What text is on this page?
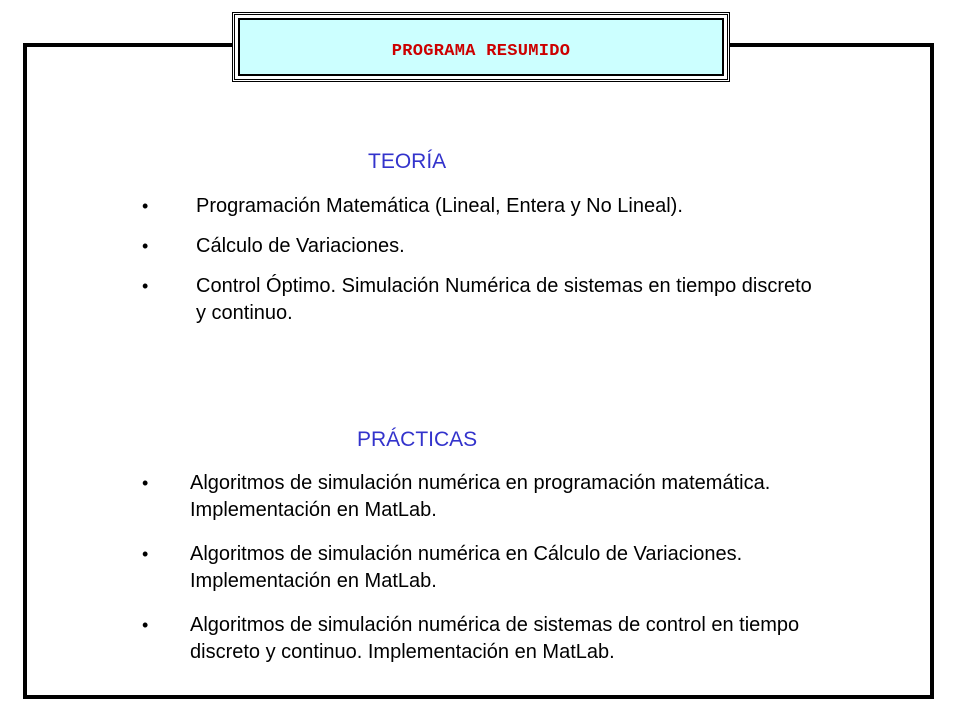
PROGRAMA RESUMIDO
TEORÍA
• Programación Matemática (Lineal, Entera y No Lineal).
• Cálculo de Variaciones.
• Control Óptimo. Simulación Numérica de sistemas en tiempo discreto y continuo.
PRÁCTICAS
• Algoritmos de simulación numérica en programación matemática. Implementación en MatLab.
• Algoritmos de simulación numérica en Cálculo de Variaciones. Implementación en MatLab.
• Algoritmos de simulación numérica de sistemas de control en tiempo discreto y continuo. Implementación en MatLab.
